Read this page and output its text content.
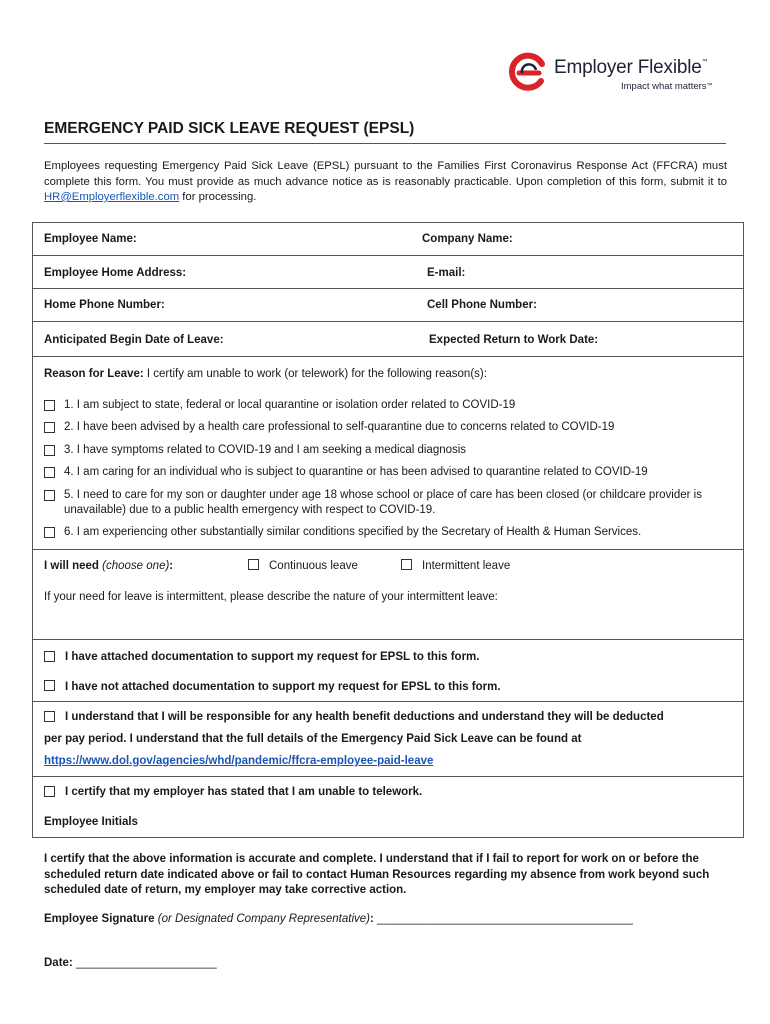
Employer Flexible™
Impact what matters™
EMERGENCY PAID SICK LEAVE REQUEST (EPSL)
Employees requesting Emergency Paid Sick Leave (EPSL) pursuant to the Families First Coronavirus Response Act (FFCRA) must complete this form. You must provide as much advance notice as is reasonably practicable. Upon completion of this form, submit it to HR@Employerflexible.com for processing.
Employee Name:	Company Name:
Employee Home Address:	E-mail:
Home Phone Number:	Cell Phone Number:
Anticipated Begin Date of Leave:	Expected Return to Work Date:
Reason for Leave: I certify am unable to work (or telework) for the following reason(s):
1. I am subject to state, federal or local quarantine or isolation order related to COVID-19
2. I have been advised by a health care professional to self-quarantine due to concerns related to COVID-19
3. I have symptoms related to COVID-19 and I am seeking a medical diagnosis
4. I am caring for an individual who is subject to quarantine or has been advised to quarantine related to COVID-19
5. I need to care for my son or daughter under age 18 whose school or place of care has been closed (or childcare provider is unavailable) due to a public health emergency with respect to COVID-19.
6. I am experiencing other substantially similar conditions specified by the Secretary of Health & Human Services.
I will need (choose one):	Continuous leave	Intermittent leave
If your need for leave is intermittent, please describe the nature of your intermittent leave:
I have attached documentation to support my request for EPSL to this form.
I have not attached documentation to support my request for EPSL to this form.
I understand that I will be responsible for any health benefit deductions and understand they will be deducted
per pay period. I understand that the full details of the Emergency Paid Sick Leave can be found at
https://www.dol.gov/agencies/whd/pandemic/ffcra-employee-paid-leave
I certify that my employer has stated that I am unable to telework.
Employee Initials
I certify that the above information is accurate and complete. I understand that if I fail to report for work on or before the scheduled return date indicated above or fail to contact Human Resources regarding my absence from work beyond such scheduled date of return, my employer may take corrective action.
Employee Signature (or Designated Company Representative): ________________________________________
Date: ______________________
